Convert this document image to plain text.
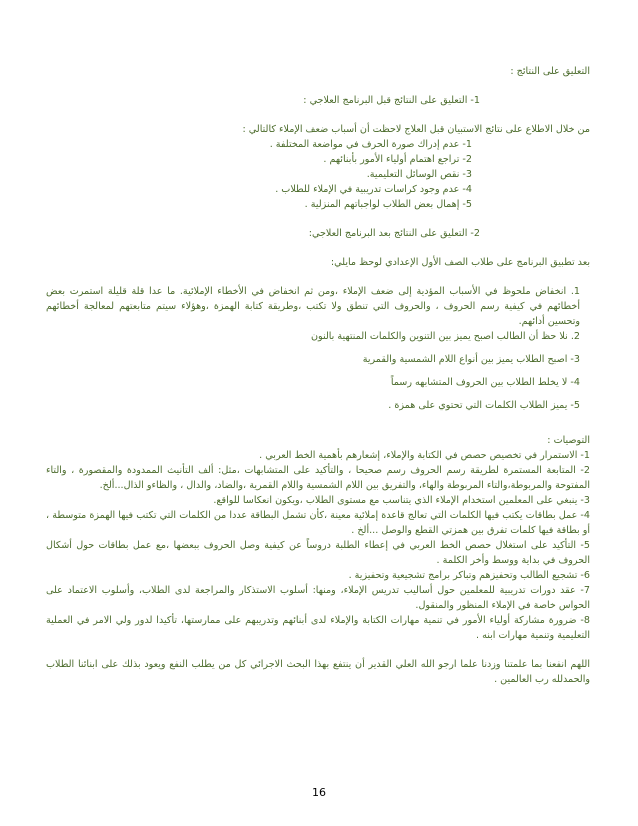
التعليق على النتائج :
1- التعليق على النتائج قبل البرنامج العلاجي :
من خلال الاطلاع على نتائج الاستبيان قبل العلاج لاحظت أن أسباب ضعف الإملاء كالتالي :
1- عدم إدراك صورة الحرف في مواضعة المختلفة .
2- تراجع اهتمام أولياء الأمور بأبنائهم .
3- نقص الوسائل التعليمية.
4- عدم وجود كراسات تدريبية في الإملاء للطلاب .
5- إهمال بعض الطلاب لواجباتهم المنزلية .
2- التعليق على النتائج بعد البرنامج العلاجي:
بعد تطبيق البرنامج على طلاب الصف الأول الإعدادي لوحظ مايلي:
1. انخفاض ملحوظ في الأسباب المؤدية إلى ضعف الإملاء ،ومن ثم انخفاض في الأخطاء الإملائية. ما عدا قلة قليلة استمرت بعض أخطائهم في كيفية رسم الحروف ، والحروف التي تنطق ولا تكتب ،وطريقة كتابة الهمزة ،وهؤلاء سيتم متابعتهم لمعالجة أخطائهم وتحسين أدائهم.
2. نلا حظ أن الطالب اصبح يميز بين التنوين والكلمات المنتهية بالنون
3- اصبح الطلاب يميز بين أنواع اللام الشمسية والقمرية
4- لا يخلط الطلاب بين الحروف المتشابهه رسماً
5- يميز الطلاب الكلمات التي تحتوي على همزة .
التوصيات :
1- الاستمرار في تخصيص حصص في الكتابة والإملاء، إشعارهم بأهمية الخط العربي .
2- المتابعة المستمرة لطريقة رسم الحروف رسم صحيحا ، والتأكيد على المتشابهات ،مثل: ألف التأنيث الممدودة والمقصورة ، والتاء المفتوحة والمربوطة،والتاء المربوطة والهاء، والتفريق بين اللام الشمسية واللام القمرية ،والضاد، والدال ، والظاءو الذال...ألخ.
3- ينبغي على المعلمين استخدام الإملاء الذي يتناسب مع مستوى الطلاب ،ويكون انعكاسا للواقع.
4- عمل بطاقات يكتب فيها الكلمات التي تعالج قاعدة إملائية معينة ،كأن تشمل البطاقة عددا من الكلمات التي تكتب فيها الهمزة متوسطة ، أو بطاقة فيها كلمات تفرق بين همزتي القطع والوصل ...ألخ .
5- التأكيد على استغلال حصص الخط العربي في إعطاء الطلبة دروساً عن كيفية وصل الحروف ببعضها ،مع عمل بطاقات حول أشكال الحروف في بداية ووسط وأخر الكلمة .
6- تشجيع الطالب وتحفيزهم وتباكر برامج تشجيعية وتحفيزية .
7- عقد دورات تدريبية للمعلمين حول أساليب تدريس الإملاء، ومنها: أسلوب الاستذكار والمراجعة لدى الطلاب، وأسلوب الاعتماد على الحواس خاصة في الإملاء المنظور والمنقول.
8- ضرورة مشاركة أولياء الأمور في تنمية مهارات الكتابة والإملاء لدى أبنائهم وتدريبهم على ممارستها، تأكيدا لدور ولي الامر في العملية التعليمية وتنمية مهارات ابنه .
اللهم انفعنا بما علمتنا وزدنا علما ارجو الله العلي القدير أن ينتفع بهذا البحث الاجرائي كل من يطلب النفع ويعود بذلك على ابنائنا الطلاب والحمدلله رب العالمين .
16
